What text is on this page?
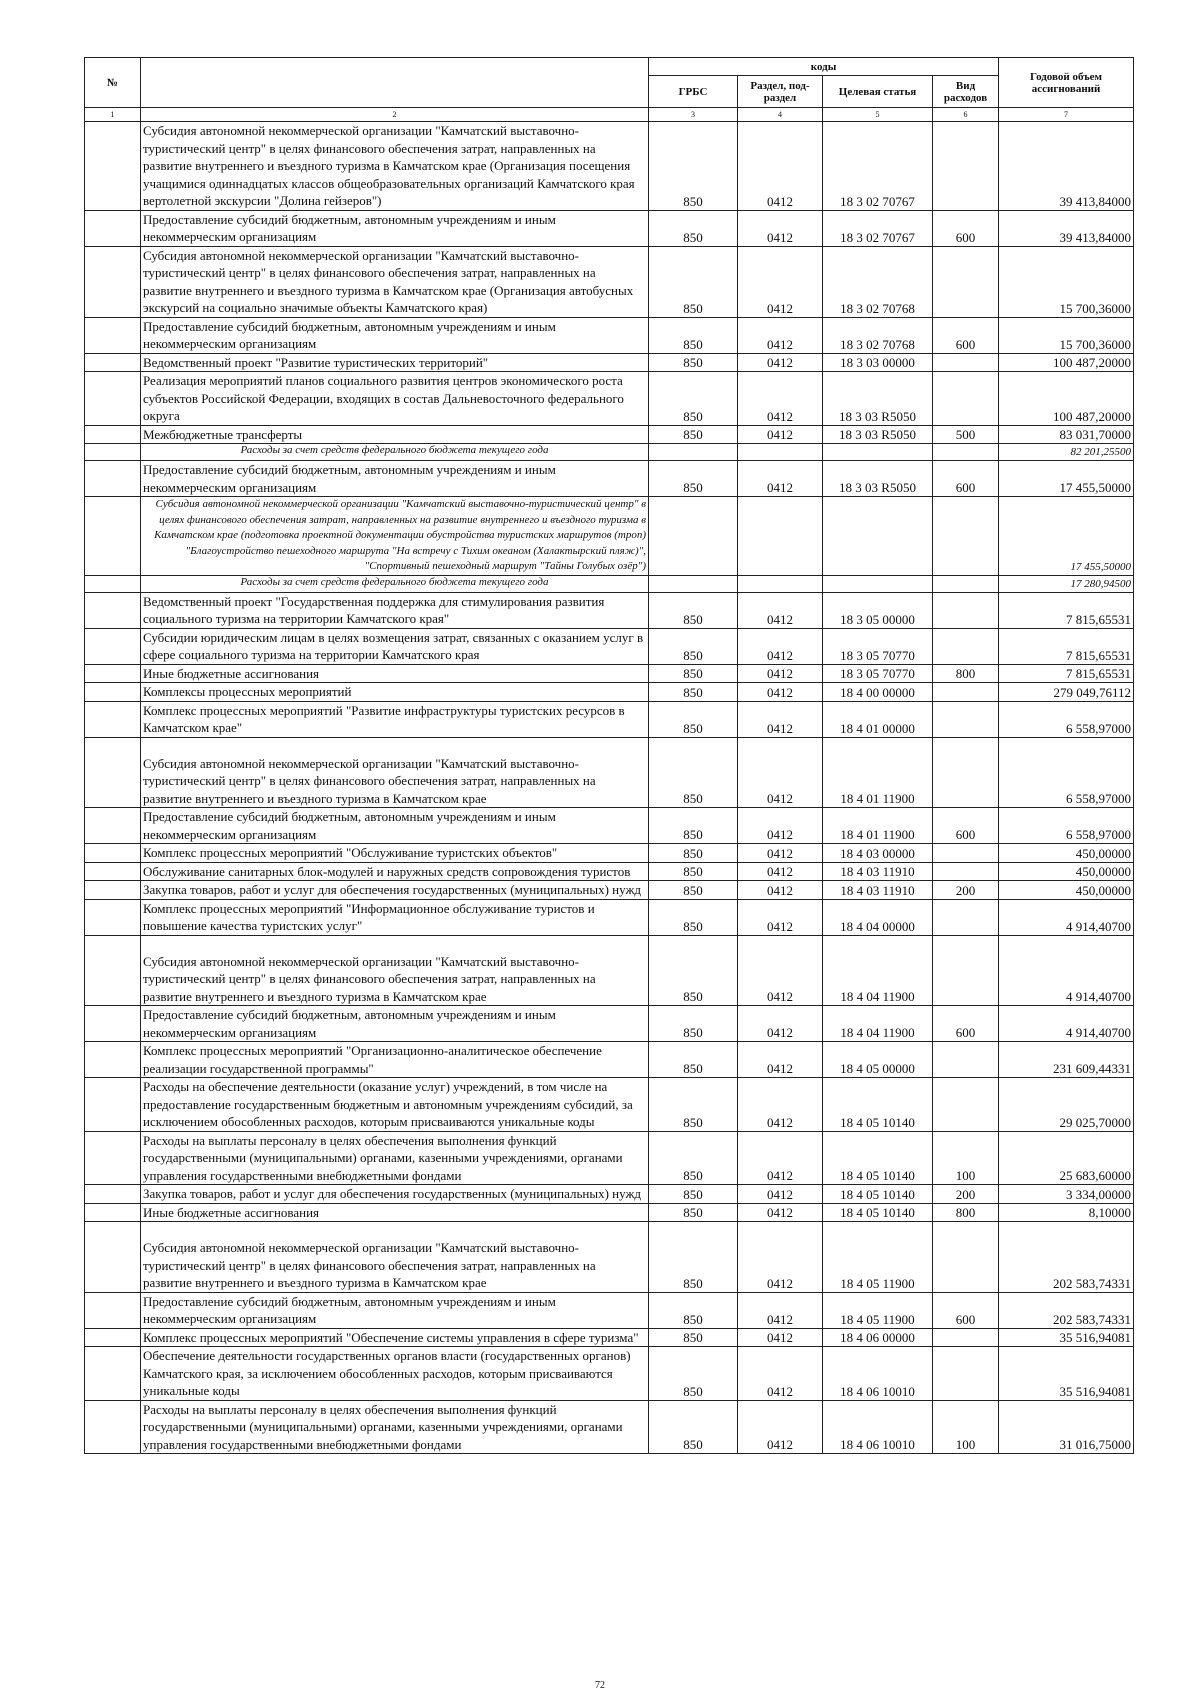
№		коды				Годовой объем ассигнований
		ГРБС	Раздел, под-раздел	Целевая статья	Вид расходов	
1	2	3	4	5	6	7
	Субсидия автономной некоммерческой организации "Камчатский выставочно-туристический центр" в целях финансового обеспечения затрат, направленных на развитие внутреннего и въездного туризма в Камчатском крае (Организация посещения учащимися одиннадцатых классов общеобразовательных организаций Камчатского края вертолетной экскурсии "Долина гейзеров")	850	0412	18 3 02 70767		39 413,84000
	Предоставление субсидий бюджетным, автономным учреждениям и иным некоммерческим организациям	850	0412	18 3 02 70767	600	39 413,84000
	Субсидия автономной некоммерческой организации "Камчатский выставочно-туристический центр" в целях финансового обеспечения затрат, направленных на развитие внутреннего и въездного туризма в Камчатском крае (Организация автобусных экскурсий на социально значимые объекты Камчатского края)	850	0412	18 3 02 70768		15 700,36000
	Предоставление субсидий бюджетным, автономным учреждениям и иным некоммерческим организациям	850	0412	18 3 02 70768	600	15 700,36000
	Ведомственный проект "Развитие туристических территорий"	850	0412	18 3 03 00000		100 487,20000
	Реализация мероприятий планов социального развития центров экономического роста субъектов Российской Федерации, входящих в состав Дальневосточного федерального округа	850	0412	18 3 03 R5050		100 487,20000
	Межбюджетные трансферты	850	0412	18 3 03 R5050	500	83 031,70000
	Расходы за счет средств федерального бюджета текущего года					82 201,25500
	Предоставление субсидий бюджетным, автономным учреждениям и иным некоммерческим организациям	850	0412	18 3 03 R5050	600	17 455,50000
	Субсидия автономной некоммерческой организации "Камчатский выставочно-туристический центр" в целях финансового обеспечения затрат, направленных на развитие внутреннего и въездного туризма в Камчатском крае (подготовка проектной документации обустройства туристских маршрутов (троп) "Благоустройство пешеходного маршрута "На встречу с Тихим океаном (Халактырский пляж)", "Спортивный пешеходный маршрут "Тайны Голубых озёр")					17 455,50000
	Расходы за счет средств федерального бюджета текущего года					17 280,94500
	Ведомственный проект "Государственная поддержка для стимулирования развития социального туризма на территории Камчатского края"	850	0412	18 3 05 00000		7 815,65531
	Субсидии юридическим лицам в целях возмещения затрат, связанных с оказанием услуг в сфере социального туризма на территории Камчатского края	850	0412	18 3 05 70770		7 815,65531
	Иные бюджетные ассигнования	850	0412	18 3 05 70770	800	7 815,65531
	Комплексы процессных мероприятий	850	0412	18 4 00 00000		279 049,76112
	Комплекс процессных мероприятий "Развитие инфраструктуры туристских ресурсов в Камчатском крае"	850	0412	18 4 01 00000		6 558,97000
	Субсидия автономной некоммерческой организации "Камчатский выставочно-туристический центр" в целях финансового обеспечения затрат, направленных на развитие внутреннего и въездного туризма в Камчатском крае	850	0412	18 4 01 11900		6 558,97000
	Предоставление субсидий бюджетным, автономным учреждениям и иным некоммерческим организациям	850	0412	18 4 01 11900	600	6 558,97000
	Комплекс процессных мероприятий "Обслуживание туристских объектов"	850	0412	18 4 03 00000		450,00000
	Обслуживание санитарных блок-модулей и наружных средств сопровождения туристов	850	0412	18 4 03 11910		450,00000
	Закупка товаров, работ и услуг для обеспечения государственных (муниципальных) нужд	850	0412	18 4 03 11910	200	450,00000
	Комплекс процессных мероприятий "Информационное обслуживание туристов и повышение качества туристских услуг"	850	0412	18 4 04 00000		4 914,40700
	Субсидия автономной некоммерческой организации "Камчатский выставочно-туристический центр" в целях финансового обеспечения затрат, направленных на развитие внутреннего и въездного туризма в Камчатском крае	850	0412	18 4 04 11900		4 914,40700
	Предоставление субсидий бюджетным, автономным учреждениям и иным некоммерческим организациям	850	0412	18 4 04 11900	600	4 914,40700
	Комплекс процессных мероприятий "Организационно-аналитическое обеспечение реализации государственной программы"	850	0412	18 4 05 00000		231 609,44331
	Расходы на обеспечение деятельности (оказание услуг) учреждений, в том числе на предоставление государственным бюджетным и автономным учреждениям субсидий, за исключением обособленных расходов, которым присваиваются уникальные коды	850	0412	18 4 05 10140		29 025,70000
	Расходы на выплаты персоналу в целях обеспечения выполнения функций государственными (муниципальными) органами, казенными учреждениями, органами управления государственными внебюджетными фондами	850	0412	18 4 05 10140	100	25 683,60000
	Закупка товаров, работ и услуг для обеспечения государственных (муниципальных) нужд	850	0412	18 4 05 10140	200	3 334,00000
	Иные бюджетные ассигнования	850	0412	18 4 05 10140	800	8,10000
	Субсидия автономной некоммерческой организации "Камчатский выставочно-туристический центр" в целях финансового обеспечения затрат, направленных на развитие внутреннего и въездного туризма в Камчатском крае	850	0412	18 4 05 11900		202 583,74331
	Предоставление субсидий бюджетным, автономным учреждениям и иным некоммерческим организациям	850	0412	18 4 05 11900	600	202 583,74331
	Комплекс процессных мероприятий "Обеспечение системы управления в сфере туризма"	850	0412	18 4 06 00000		35 516,94081
	Обеспечение деятельности государственных органов власти (государственных органов) Камчатского края, за исключением обособленных расходов, которым присваиваются уникальные коды	850	0412	18 4 06 10010		35 516,94081
	Расходы на выплаты персоналу в целях обеспечения выполнения функций государственными (муниципальными) органами, казенными учреждениями, органами управления государственными внебюджетными фондами	850	0412	18 4 06 10010	100	31 016,75000
72
